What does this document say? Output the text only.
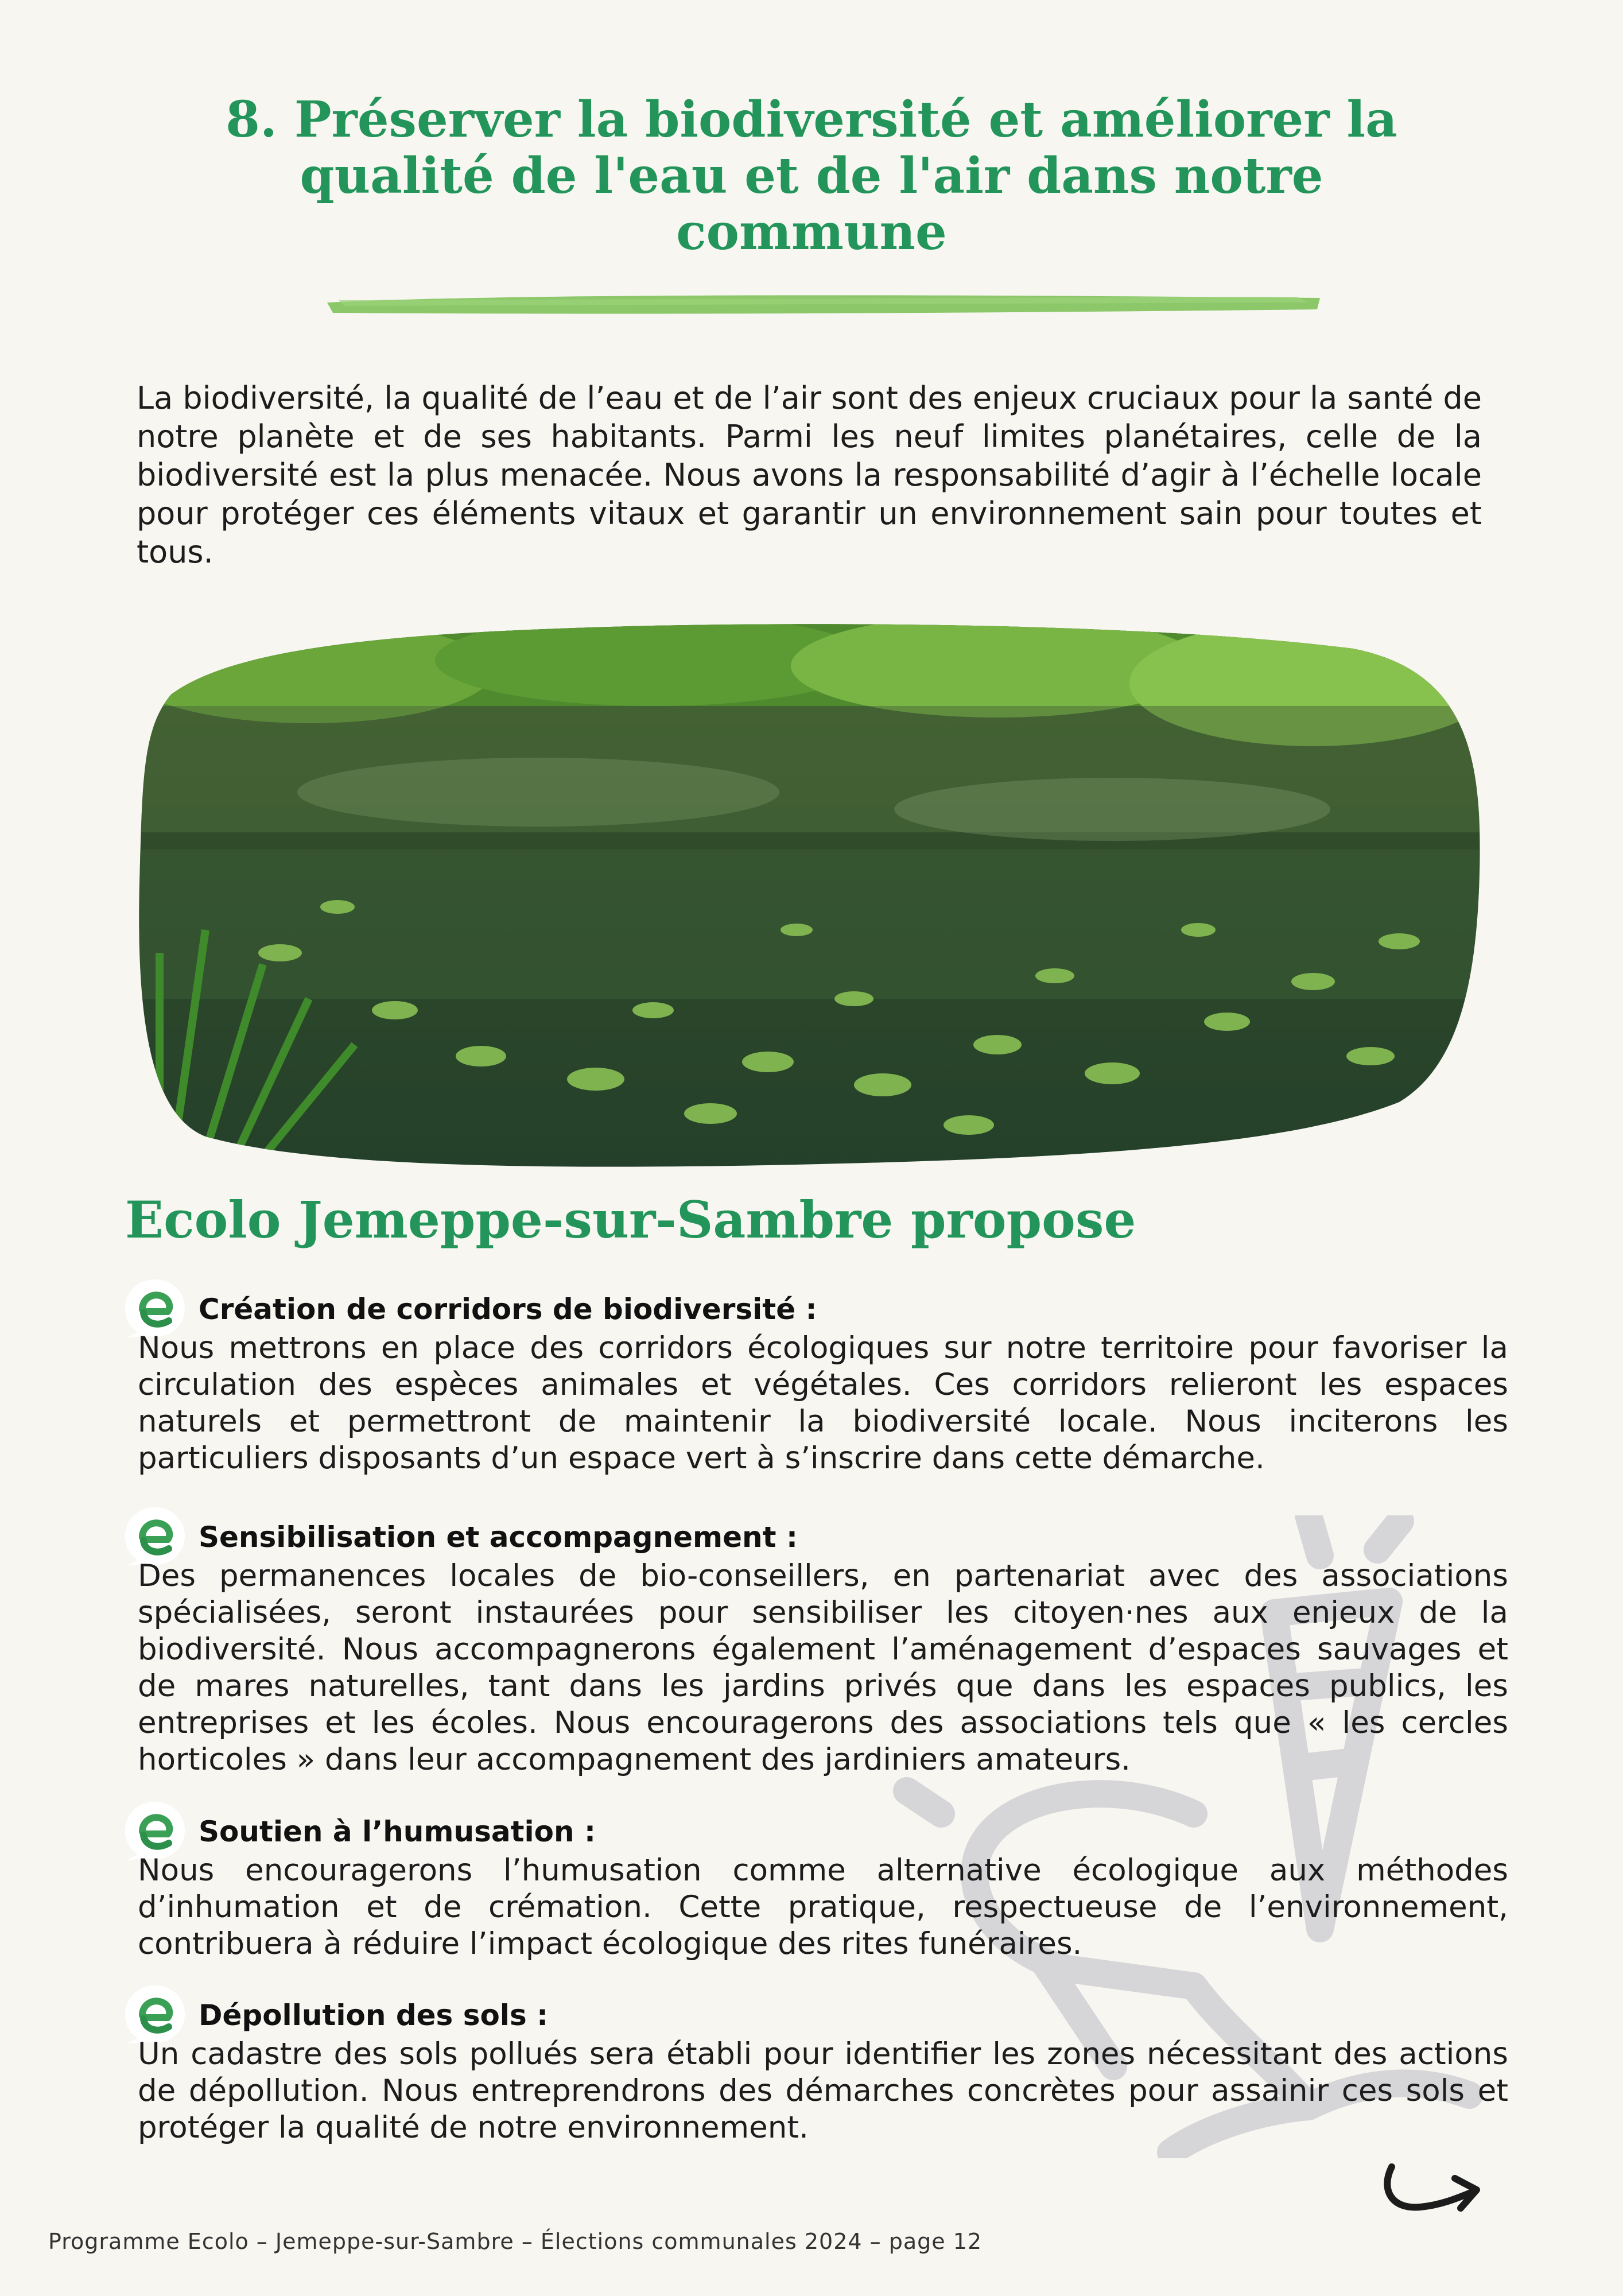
8. Préserver la biodiversité et améliorer la
qualité de l'eau et de l'air dans notre
commune

La biodiversité, la qualité de l’eau et de l’air sont des enjeux cruciaux pour la santé de notre planète et de ses habitants. Parmi les neuf limites planétaires, celle de la biodiversité est la plus menacée. Nous avons la responsabilité d’agir à l’échelle locale pour protéger ces éléments vitaux et garantir un environnement sain pour toutes et tous.

Ecolo Jemeppe-sur-Sambre propose
Création de corridors de biodiversité :

Nous mettrons en place des corridors écologiques sur notre territoire pour favoriser la circulation des espèces animales et végétales. Ces corridors relieront les espaces naturels et permettront de maintenir la biodiversité locale. Nous inciterons les particuliers disposants d’un espace vert à s’inscrire dans cette démarche.

Sensibilisation et accompagnement :

Des permanences locales de bio-conseillers, en partenariat avec des associations spécialisées, seront instaurées pour sensibiliser les citoyen·nes aux enjeux de la biodiversité. Nous accompagnerons également l’aménagement d’espaces sauvages et de mares naturelles, tant dans les jardins privés que dans les espaces publics, les entreprises et les écoles. Nous encouragerons des associations tels que « les cercles horticoles » dans leur accompagnement des jardiniers amateurs.

Soutien à l’humusation :

Nous encouragerons l’humusation comme alternative écologique aux méthodes d’inhumation et de crémation. Cette pratique, respectueuse de l’environnement, contribuera à réduire l’impact écologique des rites funéraires.

Dépollution des sols :

Un cadastre des sols pollués sera établi pour identifier les zones nécessitant des actions de dépollution. Nous entreprendrons des démarches concrètes pour assainir ces sols et protéger la qualité de notre environnement.

Programme Ecolo – Jemeppe-sur-Sambre – Élections communales 2024 – page 12
